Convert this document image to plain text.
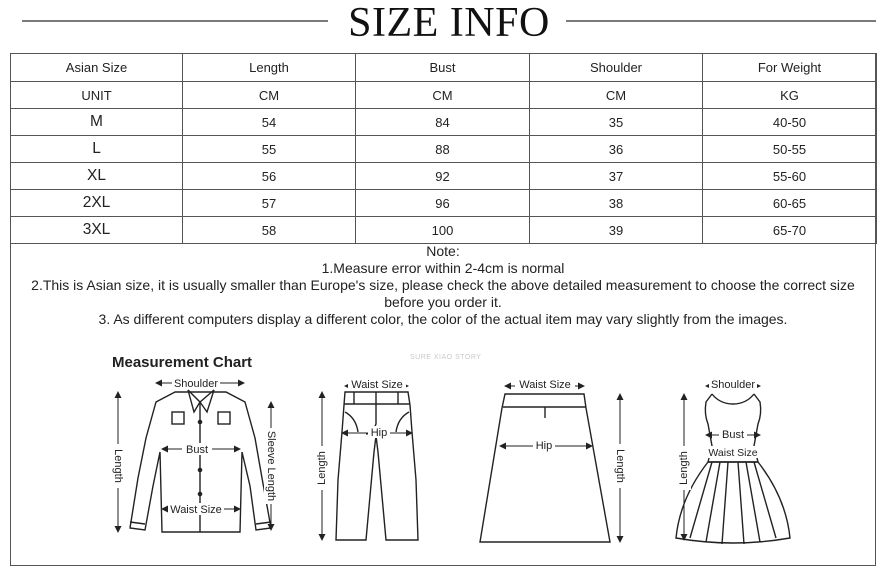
SIZE INFO
Asian Size	Length	Bust	Shoulder	For Weight
UNIT	CM	CM	CM	KG
M	54	84	35	40-50
L	55	88	36	50-55
XL	56	92	37	55-60
2XL	57	96	38	60-65
3XL	58	100	39	65-70
Note:
1.Measure error within 2-4cm is normal
2.This is Asian size, it is usually smaller than Europe's size, please check the above detailed measurement to choose the correct size before you order it.
3. As different computers display a different color, the color of the actual item may vary slightly from the images.
Measurement Chart	SURE XIAO STORY
Shoulder
Bust
Waist Size
Length	Sleeve Length
Waist Size
Hip
Length
Waist Size
Hip
Length
Shoulder
Bust
Waist Size
Length
